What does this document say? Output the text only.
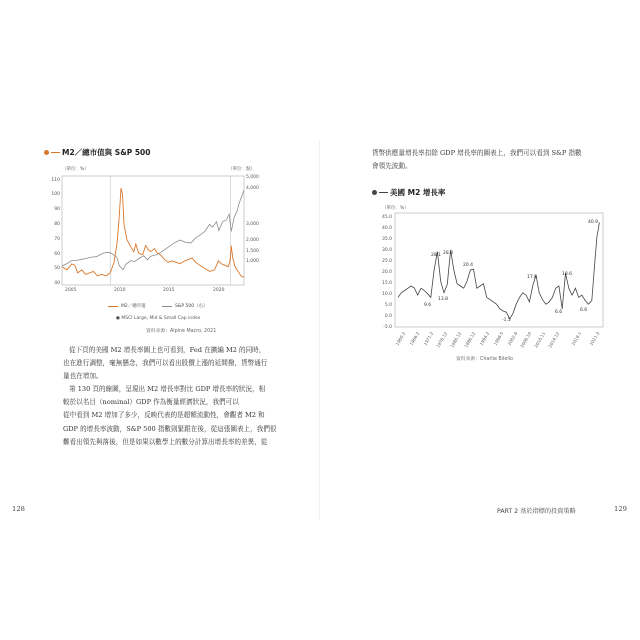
M2／總市值與 S&P 500
（單位：%）	（單位：點）
110
100
90
80
70
60
50
40
5,000
4,000
3,000
2,000
1,500
1,000
2005	2010	2015	2020
M2／總市值	S&P 500（右）
● MSCI Large, Mid & Small Cap index
資料來源：Alpine Macro, 2021
從下頁的美國 M2 增長率圖上也可看到，Fed 在擴編 M2 的同時，
也在進行調整，毫無懸念，我們可以看出股價上漲的延間撥，貨幣通行
量也在增加。
第 130 頁的線圖，呈現出 M2 增長率對比 GDP 增長率的狀況，相
較於以名目（nominal）GDP 作為衡量經濟狀況，我們可以
從中看到 M2 增加了多少，反映代表的是超額流動性，會觀者 M2 和
GDP 的增長率波動，S&P 500 指數則緊跟在後，從這張圖表上，我們很
難看出領先與落後，但是如果以數學上的數分計算出增長率的差異，從
128
貨幣供應量增長率扣除 GDP 增長率的圖表上，我們可以看到 S&P 指數
會領先波動。
美國 M2 增長率
（單位：%）
45.0
40.0
35.0
30.0
25.0
20.0
15.0
10.0
5.0
0.0
-5.0
28.1 28.8
9.6
13.8
20.4
-1.5
17.8
18.6
6.6	6.6
40.9
1960.2 1966.2 1971.2 1976.12 1980.12 1986.12 1994.2 1998.5 2002.6 2006.10 2010.11 2014.12	2019.1	2021.3
資料來源：Charlie Bilello
PART 2 基於指標的投資策略	129
